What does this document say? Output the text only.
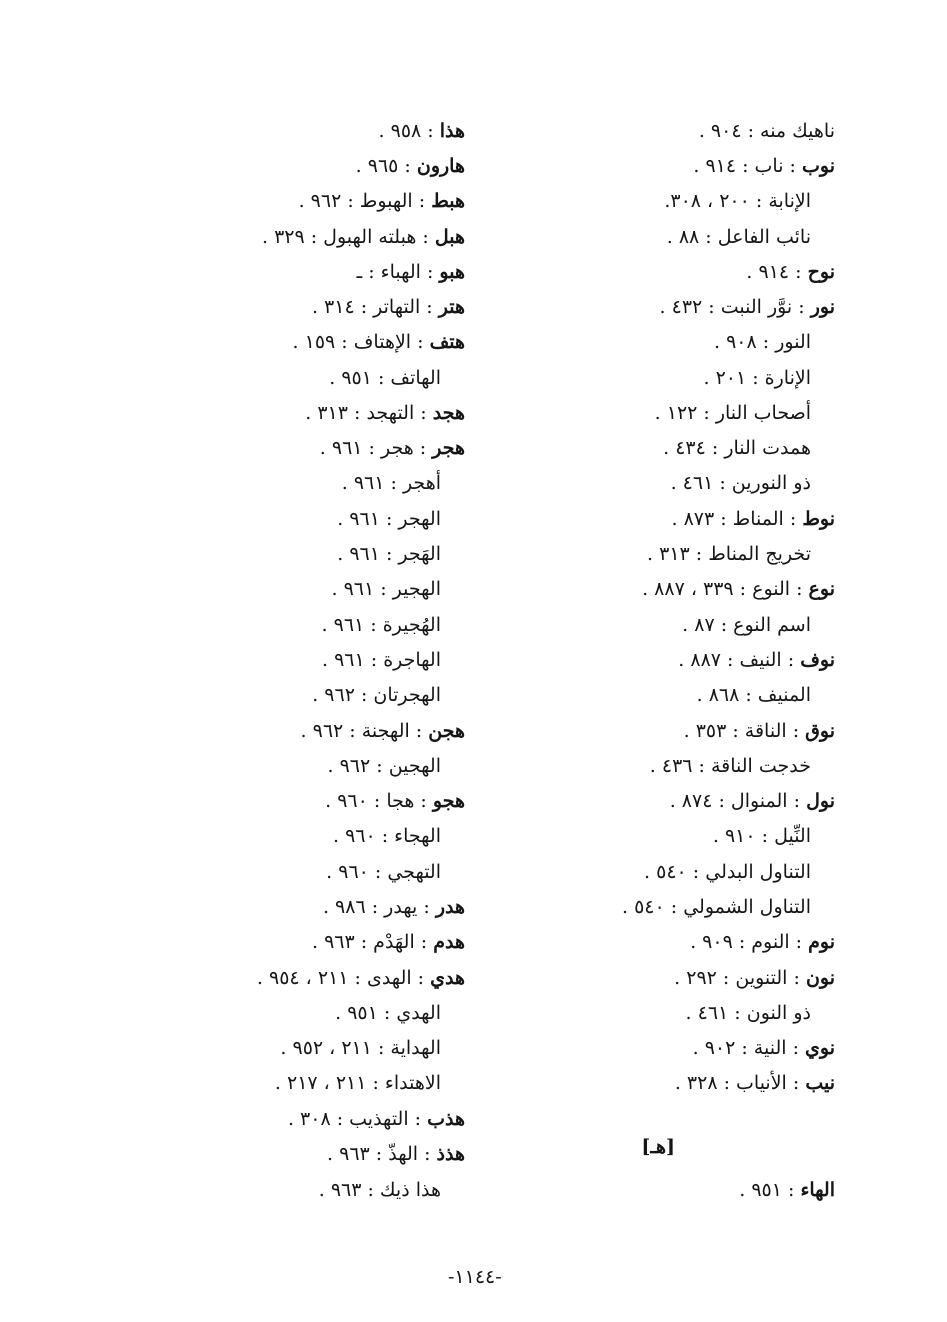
ناهيك منه : ٩٠٤ .
نوب : ناب : ٩١٤ .
الإنابة : ٢٠٠ ، ٣٠٨.
نائب الفاعل : ٨٨ .
نوح : ٩١٤ .
نور : نوَّر النبت : ٤٣٢ .
النور : ٩٠٨ .
الإنارة : ٢٠١ .
أصحاب النار : ١٢٢ .
همدت النار : ٤٣٤ .
ذو النورين : ٤٦١ .
نوط : المناط : ٨٧٣ .
تخريج المناط : ٣١٣ .
نوع : النوع : ٣٣٩ ، ٨٨٧ .
اسم النوع : ٨٧ .
نوف : النيف : ٨٨٧ .
المنيف : ٨٦٨ .
نوق : الناقة : ٣٥٣ .
خدجت الناقة : ٤٣٦ .
نول : المنوال : ٨٧٤ .
النِّيل : ٩١٠ .
التناول البدلي : ٥٤٠ .
التناول الشمولي : ٥٤٠ .
نوم : النوم : ٩٠٩ .
نون : التنوين : ٢٩٢ .
ذو النون : ٤٦١ .
نوي : النية : ٩٠٢ .
نيب : الأنياب : ٣٢٨ .
[هـ]
الهاء : ٩٥١ .
هذا : ٩٥٨ .
هارون : ٩٦٥ .
هبط : الهبوط : ٩٦٢ .
هبل : هبلته الهبول : ٣٢٩ .
هبو : الهباء : ـ
هتر : التهاتر : ٣١٤ .
هتف : الإهتاف : ١٥٩ .
الهاتف : ٩٥١ .
هجد : التهجد : ٣١٣ .
هجر : هجر : ٩٦١ .
أهجر : ٩٦١ .
الهجر : ٩٦١ .
الهَجر : ٩٦١ .
الهجير : ٩٦١ .
الهُجيرة : ٩٦١ .
الهاجرة : ٩٦١ .
الهجرتان : ٩٦٢ .
هجن : الهجنة : ٩٦٢ .
الهجين : ٩٦٢ .
هجو : هجا : ٩٦٠ .
الهجاء : ٩٦٠ .
التهجي : ٩٦٠ .
هدر : يهدر : ٩٨٦ .
هدم : الهَدْم : ٩٦٣ .
هدي : الهدى : ٢١١ ، ٩٥٤ .
الهدي : ٩٥١ .
الهداية : ٢١١ ، ٩٥٢ .
الاهتداء : ٢١١ ، ٢١٧ .
هذب : التهذيب : ٣٠٨ .
هذذ : الهذّ : ٩٦٣ .
هذا ذيك : ٩٦٣ .
-١١٤٤-
